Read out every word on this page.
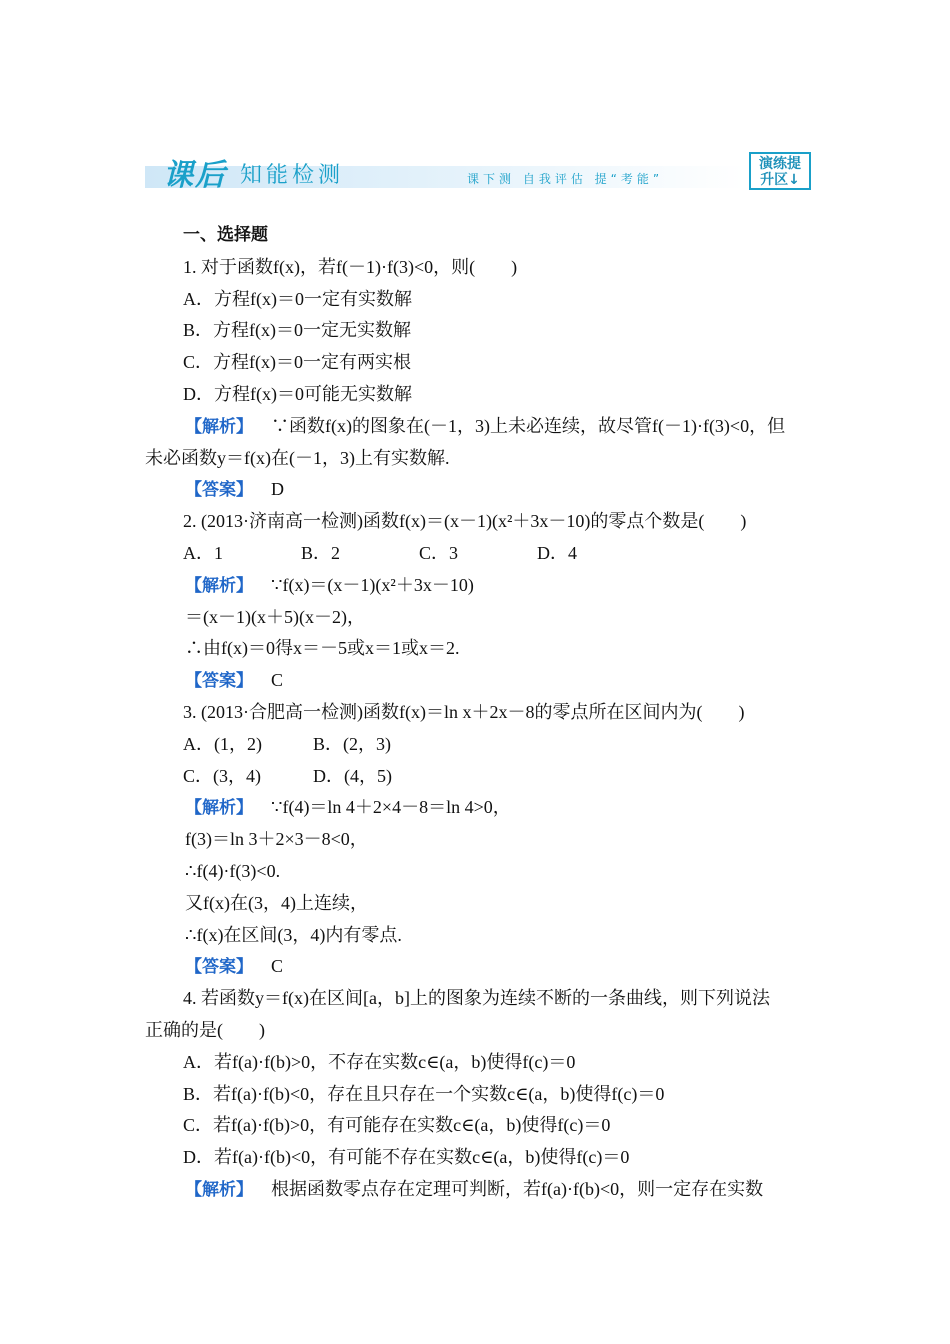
课后 知能检测	课下测 自我评估 提“考能”
演练提
升区↓
一、选择题
1. 对于函数f(x)，若f(－1)·f(3)<0，则(　　)
A．方程f(x)＝0一定有实数解
B．方程f(x)＝0一定无实数解
C．方程f(x)＝0一定有两实根
D．方程f(x)＝0可能无实数解
【解析】 ∵函数f(x)的图象在(－1，3)上未必连续，故尽管f(－1)·f(3)<0，但
未必函数y＝f(x)在(－1，3)上有实数解.
【答案】 D
2. (2013·济南高一检测)函数f(x)＝(x－1)(x²＋3x－10)的零点个数是(　　)
A．1	B．2	C．3	D．4
【解析】 ∵f(x)＝(x－1)(x²＋3x－10)
＝(x－1)(x＋5)(x－2)，
∴由f(x)＝0得x＝－5或x＝1或x＝2.
【答案】 C
3. (2013·合肥高一检测)函数f(x)＝ln x＋2x－8的零点所在区间内为(　　)
A．(1，2)	B．(2，3)
C．(3，4)	D．(4，5)
【解析】 ∵f(4)＝ln 4＋2×4－8＝ln 4>0，
f(3)＝ln 3＋2×3－8<0，
∴f(4)·f(3)<0.
又f(x)在(3，4)上连续，
∴f(x)在区间(3，4)内有零点.
【答案】 C
4. 若函数y＝f(x)在区间[a，b]上的图象为连续不断的一条曲线，则下列说法
正确的是(　　)
A．若f(a)·f(b)>0，不存在实数c∈(a，b)使得f(c)＝0
B．若f(a)·f(b)<0，存在且只存在一个实数c∈(a，b)使得f(c)＝0
C．若f(a)·f(b)>0，有可能存在实数c∈(a，b)使得f(c)＝0
D．若f(a)·f(b)<0，有可能不存在实数c∈(a，b)使得f(c)＝0
【解析】 根据函数零点存在定理可判断，若f(a)·f(b)<0，则一定存在实数
